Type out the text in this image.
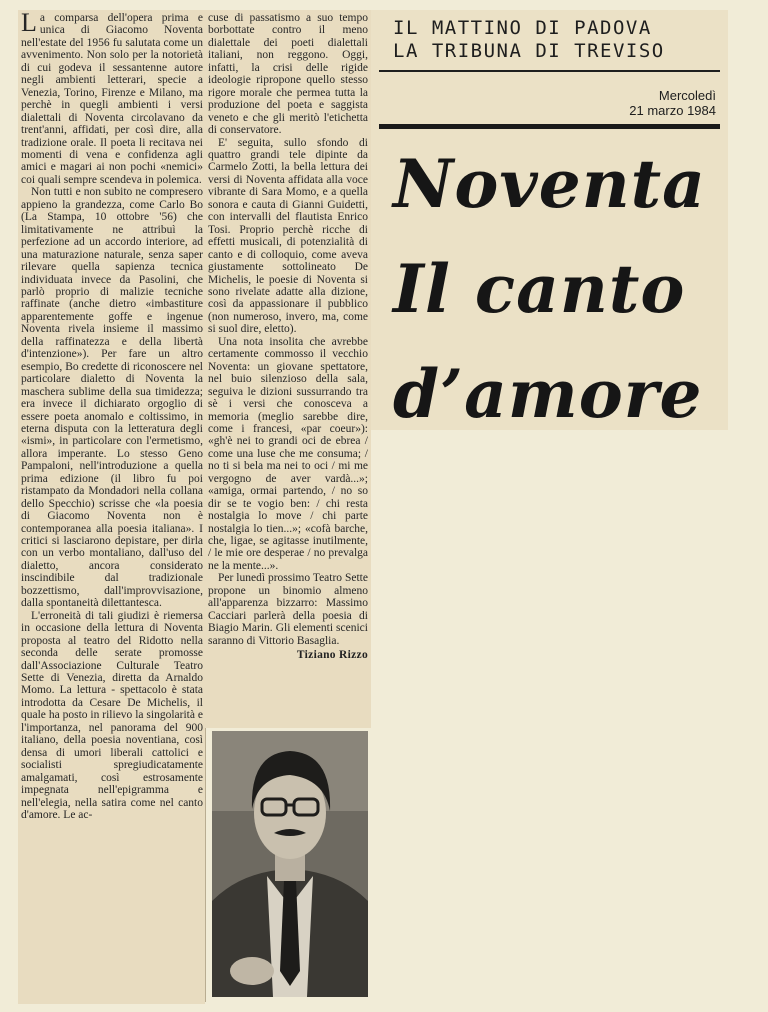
La comparsa dell'opera prima e unica di Giacomo Noventa nell'estate del 1956 fu salutata come un avvenimento. Non solo per la notorietà di cui godeva il sessantenne autore negli ambienti letterari, specie a Venezia, Torino, Firenze e Milano, ma perchè in quegli ambienti i versi dialettali di Noventa circolavano da trent'anni, affidati, per così dire, alla tradizione orale. Il poeta li recitava nei momenti di vena e confidenza agli amici e magari ai non pochi «nemici» coi quali sempre scendeva in polemica.

Non tutti e non subito ne compresero appieno la grandezza, come Carlo Bo (La Stampa, 10 ottobre '56) che limitativamente ne attribuì la perfezione ad un accordo interiore, ad una maturazione naturale, senza saper rilevare quella sapienza tecnica individuata invece da Pasolini, che parlò proprio di malizie tecniche raffinate (anche dietro «imbastiture apparentemente goffe e ingenue Noventa rivela insieme il massimo della raffinatezza e della libertà d'intenzione»). Per fare un altro esempio, Bo credette di riconoscere nel particolare dialetto di Noventa la maschera sublime della sua timidezza; era invece il dichiarato orgoglio di essere poeta anomalo e coltissimo, in eterna disputa con la letteratura degli «ismi», in particolare con l'ermetismo, allora imperante. Lo stesso Geno Pampaloni, nell'introduzione a quella prima edizione (il libro fu poi ristampato da Mondadori nella collana dello Specchio) scrisse che «la poesia di Giacomo Noventa non è contemporanea alla poesia italiana». I critici si lasciarono depistare, per dirla con un verbo montaliano, dall'uso del dialetto, ancora considerato inscindibile dal tradizionale bozzettismo, dall'improvvisazione, dalla spontaneità dilettantesca.

L'erroneità di tali giudizi è riemersa in occasione della lettura di Noventa proposta al teatro del Ridotto nella seconda delle serate promosse dall'Associazione Culturale Teatro Sette di Venezia, diretta da Arnaldo Momo. La lettura - spettacolo è stata introdotta da Cesare De Michelis, il quale ha posto in rilievo la singolarità e l'importanza, nel panorama del 900 italiano, della poesia noventiana, così densa di umori liberali cattolici e socialisti spregiudicatamente amalgamati, così estrosamente impegnata nell'epigramma e nell'elegia, nella satira come nel canto d'amore. Le ac-

cuse di passatismo a suo tempo borbottate contro il meno dialettale dei poeti dialettali italiani, non reggono. Oggi, infatti, la crisi delle rigide ideologie ripropone quello stesso rigore morale che permea tutta la produzione del poeta e saggista veneto e che gli meritò l'etichetta di conservatore.

E' seguita, sullo sfondo di quattro grandi tele dipinte da Carmelo Zotti, la bella lettura dei versi di Noventa affidata alla voce vibrante di Sara Momo, e a quella sonora e cauta di Gianni Guidetti, con intervalli del flautista Enrico Tosi. Proprio perchè ricche di effetti musicali, di potenzialità di canto e di colloquio, come aveva giustamente sottolineato De Michelis, le poesie di Noventa si sono rivelate adatte alla dizione, così da appassionare il pubblico (non numeroso, invero, ma, come si suol dire, eletto).

Una nota insolita che avrebbe certamente commosso il vecchio Noventa: un giovane spettatore, nel buio silenzioso della sala, seguiva le dizioni sussurrando tra sè i versi che conosceva a memoria (meglio sarebbe dire, come i francesi, «par coeur»): «gh'è nei to grandi oci de ebrea / come una luse che me consuma; / no ti si bela ma nei to oci / mi me vergogno de aver vardà...»; «amiga, ormai partendo, / no so dir se te vogio ben: / chi resta nostalgia lo move / chi parte nostalgia lo tien...»; «cofà barche, che, ligae, se agitasse inutilmente, / le mie ore desperae / no prevalga ne la mente...».

Per lunedì prossimo Teatro Sette propone un binomio almeno all'apparenza bizzarro: Massimo Cacciari parlerà della poesia di Biagio Marin. Gli elementi scenici saranno di Vittorio Basaglia.

Tiziano Rizzo
IL MATTINO DI PADOVA
LA TRIBUNA DI TREVISO
Mercoledì
21 marzo 1984
Noventa
Il canto
d’amore
